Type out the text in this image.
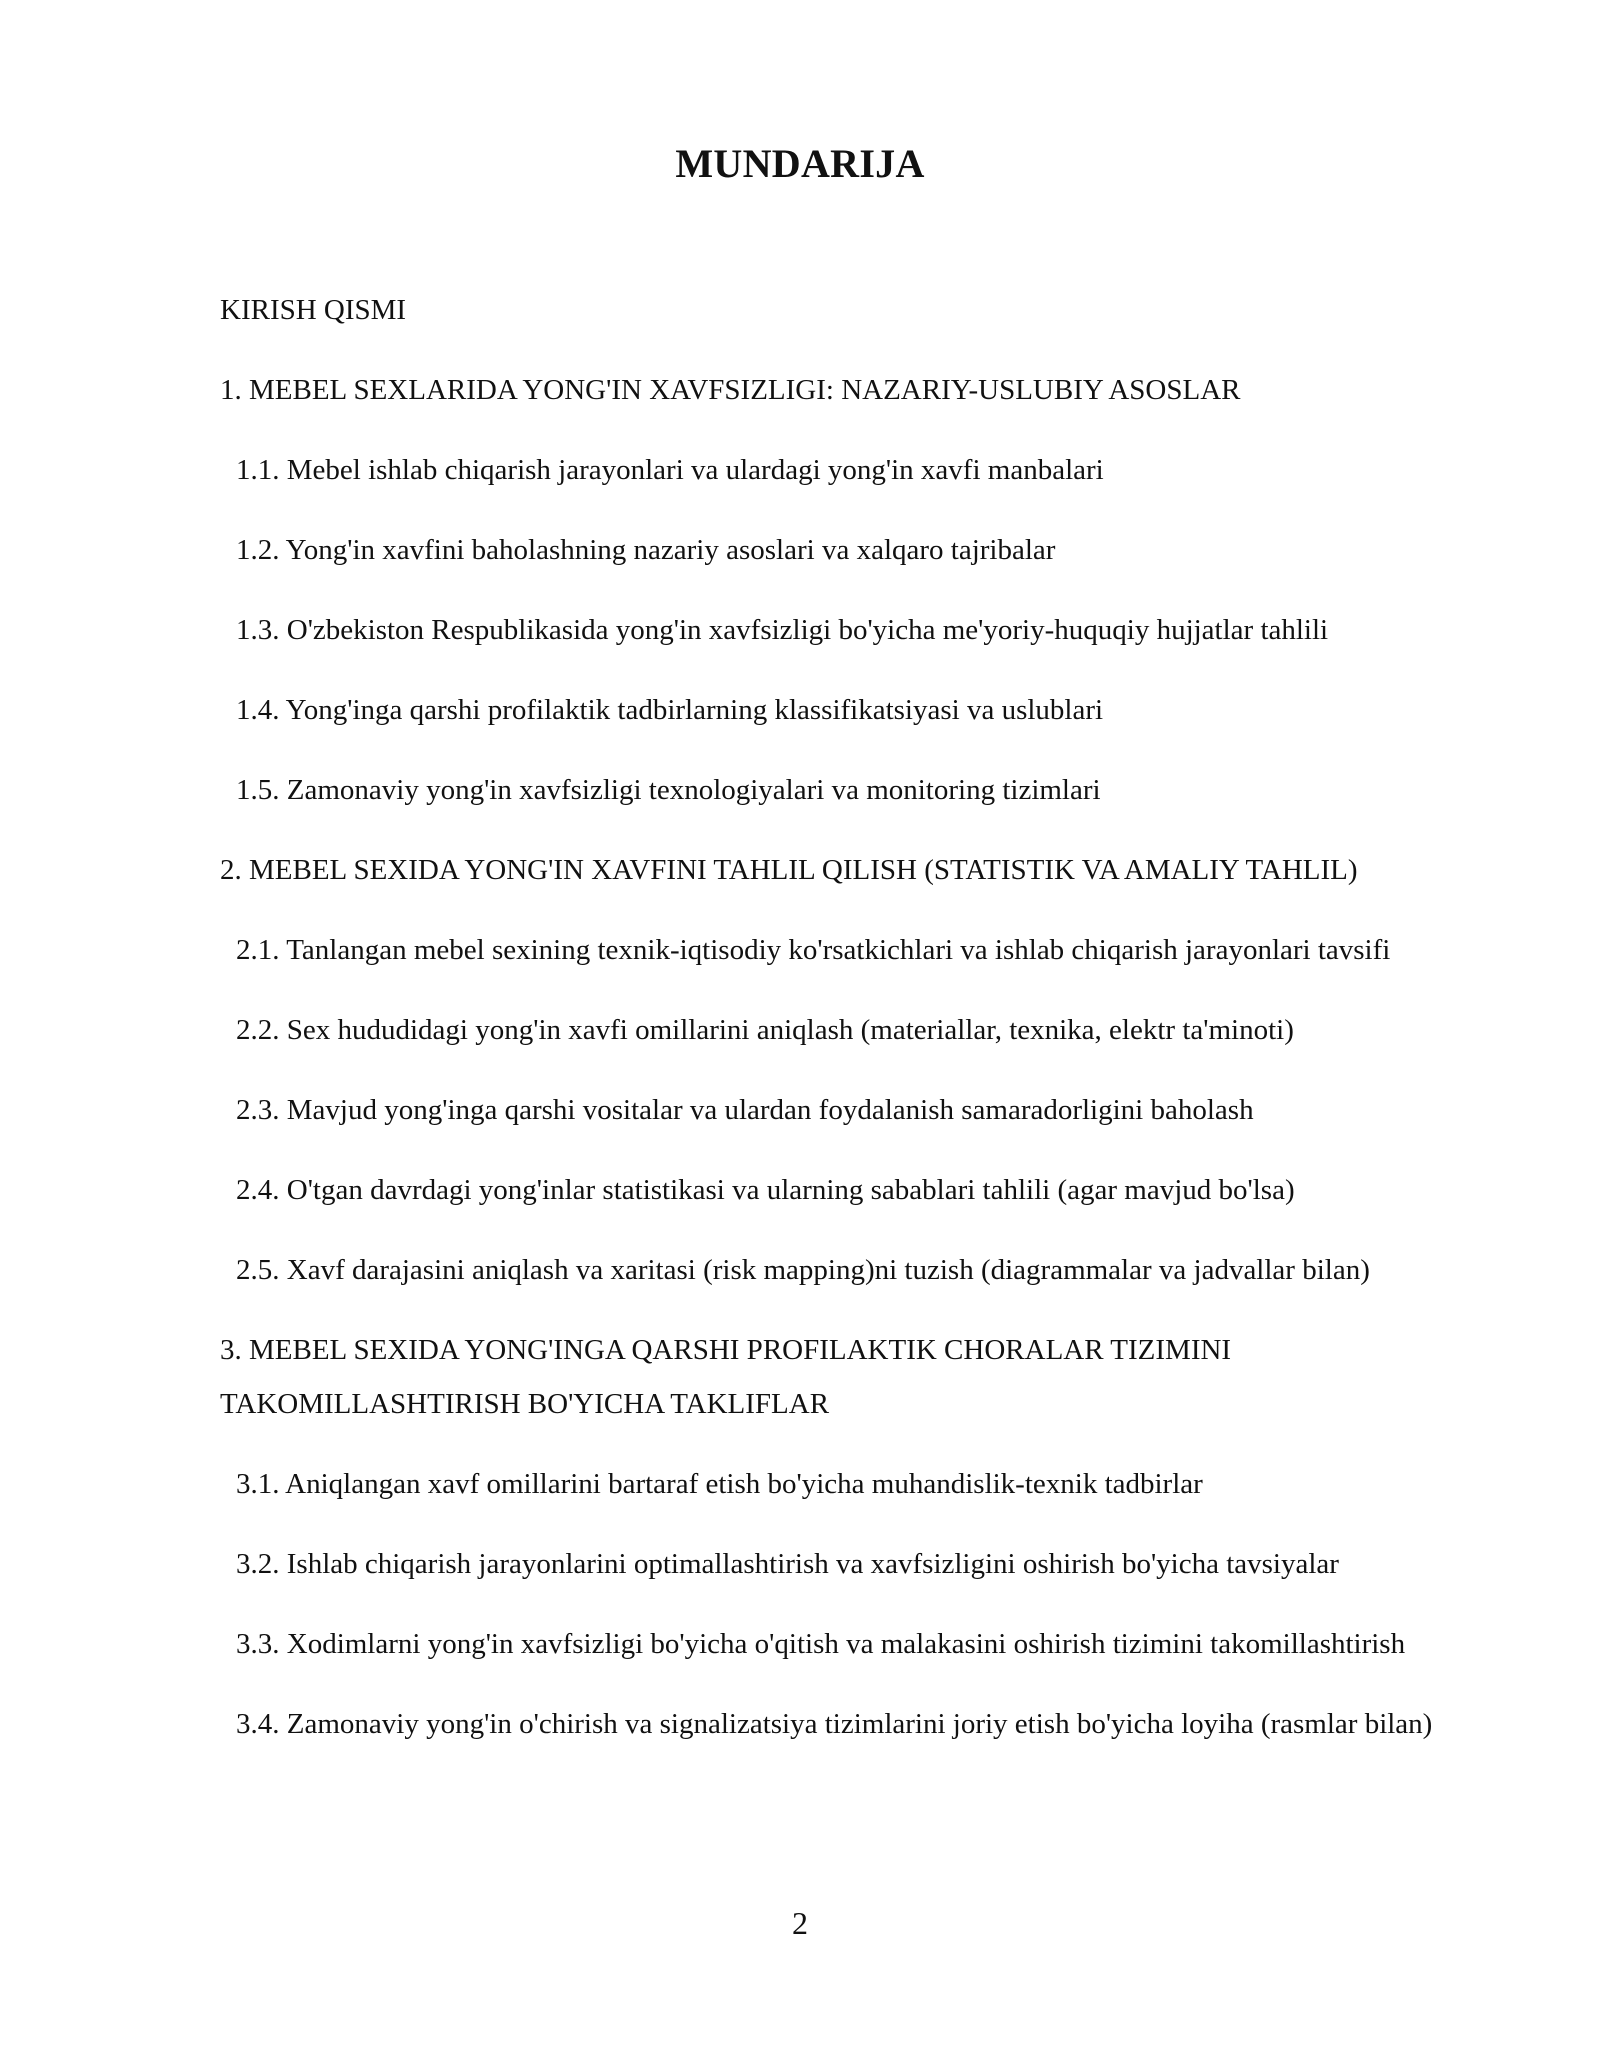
MUNDARIJA
KIRISH QISMI
1. MEBEL SEXLARIDA YONG'IN XAVFSIZLIGI: NAZARIY-USLUBIY ASOSLAR
1.1. Mebel ishlab chiqarish jarayonlari va ulardagi yong'in xavfi manbalari
1.2. Yong'in xavfini baholashning nazariy asoslari va xalqaro tajribalar
1.3. O'zbekiston Respublikasida yong'in xavfsizligi bo'yicha me'yoriy-huquqiy hujjatlar tahlili
1.4. Yong'inga qarshi profilaktik tadbirlarning klassifikatsiyasi va uslublari
1.5. Zamonaviy yong'in xavfsizligi texnologiyalari va monitoring tizimlari
2. MEBEL SEXIDA YONG'IN XAVFINI TAHLIL QILISH (STATISTIK VA AMALIY TAHLIL)
2.1. Tanlangan mebel sexining texnik-iqtisodiy ko'rsatkichlari va ishlab chiqarish jarayonlari tavsifi
2.2. Sex hududidagi yong'in xavfi omillarini aniqlash (materiallar, texnika, elektr ta'minoti)
2.3. Mavjud yong'inga qarshi vositalar va ulardan foydalanish samaradorligini baholash
2.4. O'tgan davrdagi yong'inlar statistikasi va ularning sabablari tahlili (agar mavjud bo'lsa)
2.5. Xavf darajasini aniqlash va xaritasi (risk mapping)ni tuzish (diagrammalar va jadvallar bilan)
3. MEBEL SEXIDA YONG'INGA QARSHI PROFILAKTIK CHORALAR TIZIMINI TAKOMILLASHTIRISH BO'YICHA TAKLIFLAR
3.1. Aniqlangan xavf omillarini bartaraf etish bo'yicha muhandislik-texnik tadbirlar
3.2. Ishlab chiqarish jarayonlarini optimallashtirish va xavfsizligini oshirish bo'yicha tavsiyalar
3.3. Xodimlarni yong'in xavfsizligi bo'yicha o'qitish va malakasini oshirish tizimini takomillashtirish
3.4. Zamonaviy yong'in o'chirish va signalizatsiya tizimlarini joriy etish bo'yicha loyiha (rasmlar bilan)
2
